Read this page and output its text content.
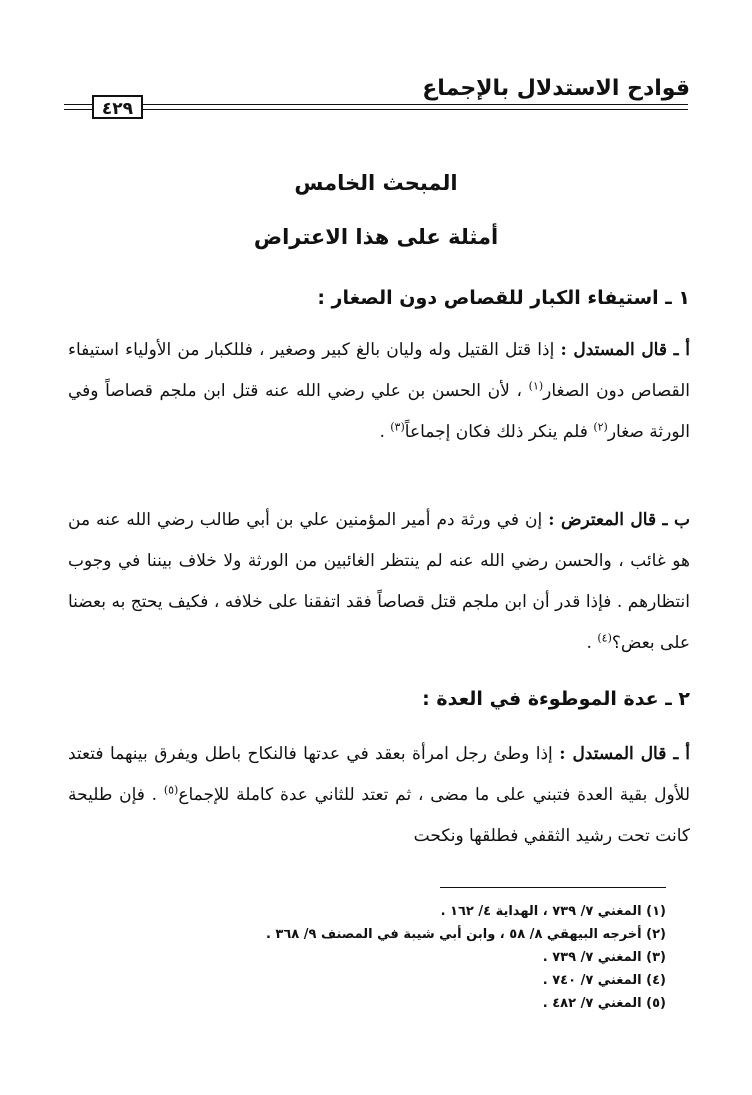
قوادح الاستدلال بالإجماع
٤٢٩
المبحث الخامس
أمثلة على هذا الاعتراض
١ ـ استيفاء الكبار للقصاص دون الصغار :

أ ـ قال المستدل : إذا قتل القتيل وله وليان بالغ كبير وصغير ، فللكبار من الأولياء استيفاء القصاص دون الصغار$^{(١)}$ ، لأن الحسن بن علي رضي الله عنه قتل ابن ملجم قصاصاً وفي الورثة صغار$^{(٢)}$ فلم ينكر ذلك فكان إجماعاً$^{(٣)}$ .

ب ـ قال المعترض : إن في ورثة دم أمير المؤمنين علي بن أبي طالب رضي الله عنه من هو غائب ، والحسن رضي الله عنه لم ينتظر الغائبين من الورثة ولا خلاف بيننا في وجوب انتظارهم . فإذا قدر أن ابن ملجم قتل قصاصاً فقد اتفقنا على خلافه ، فكيف يحتج به بعضنا على بعض؟$^{(٤)}$ .

٢ ـ عدة الموطوءة في العدة :

أ ـ قال المستدل : إذا وطئ رجل امرأة بعقد في عدتها فالنكاح باطل ويفرق بينهما فتعتد للأول بقية العدة فتبني على ما مضى ، ثم تعتد للثاني عدة كاملة للإجماع$^{(٥)}$ . فإن طليحة كانت تحت رشيد الثقفي فطلقها ونكحت

(١) المغني ٧/ ٧٣٩ ، الهداية ٤/ ١٦٢ .
(٢) أخرجه البيهقي ٨/ ٥٨ ، وابن أبي شيبة في المصنف ٩/ ٣٦٨ .
(٣) المغني ٧/ ٧٣٩ .
(٤) المغني ٧/ ٧٤٠ .
(٥) المغني ٧/ ٤٨٢ .
